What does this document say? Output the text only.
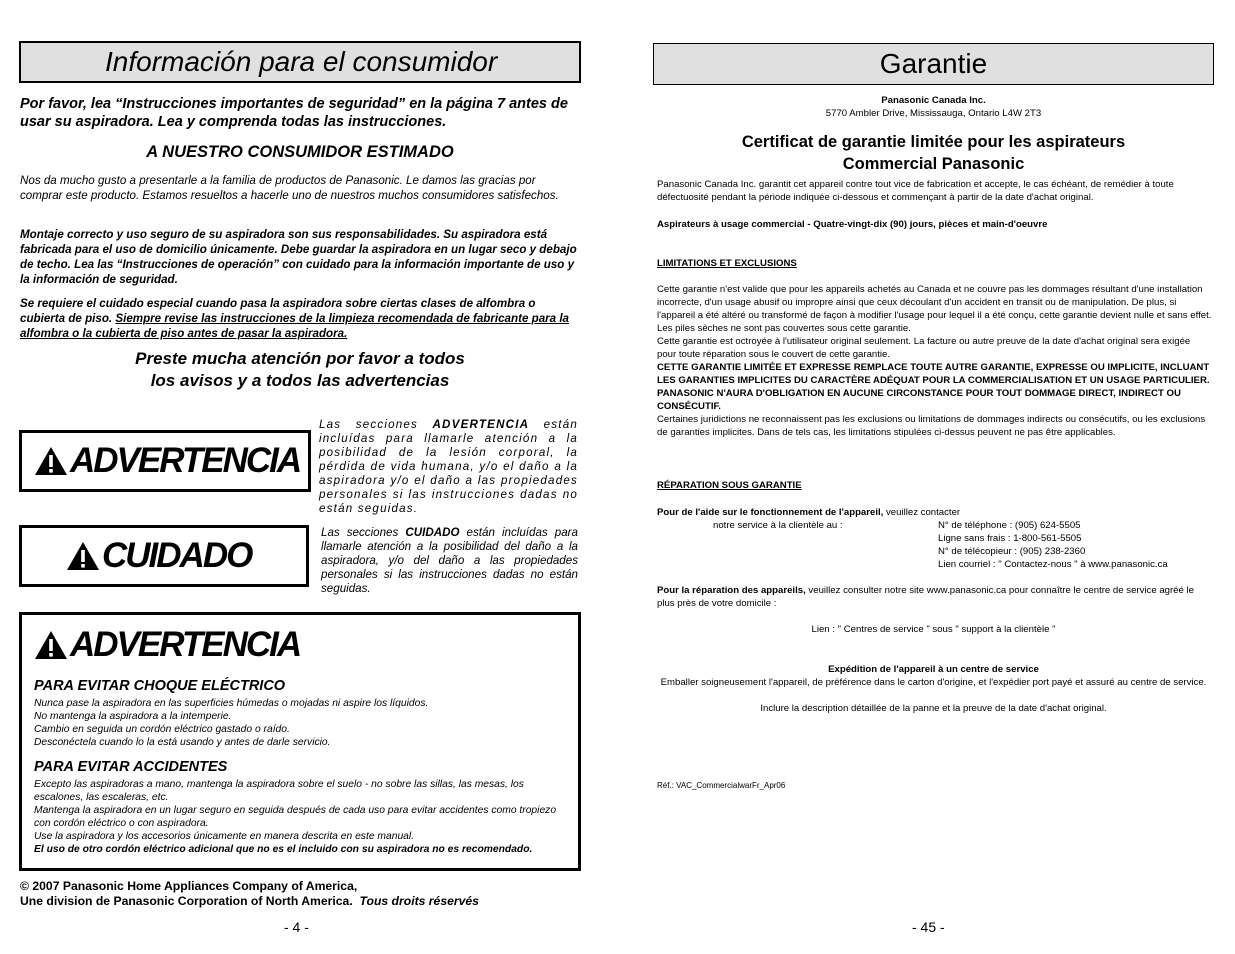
Información para el consumidor
Por favor, lea “Instrucciones importantes de seguridad” en la página 7 antes de usar su aspiradora. Lea y comprenda todas las instrucciones.
A NUESTRO CONSUMIDOR ESTIMADO
Nos da mucho gusto a presentarle a la familia de productos de Panasonic. Le damos las gracias por comprar este producto. Estamos resueltos a hacerle uno de nuestros muchos consumidores satisfechos.
Montaje correcto y uso seguro de su aspiradora son sus responsabilidades. Su aspiradora está fabricada para el uso de domicilio únicamente. Debe guardar la aspiradora en un lugar seco y debajo de techo. Lea las “Instrucciones de operación” con cuidado para la información importante de uso y la información de seguridad.
Se requiere el cuidado especial cuando pasa la aspiradora sobre ciertas clases de alfombra o cubierta de piso. Siempre revise las instrucciones de la limpieza recomendada de fabricante para la alfombra o la cubierta de piso antes de pasar la aspiradora.
Preste mucha atención por favor a todos
los avisos y a todos las advertencias
ADVERTENCIA
Las secciones ADVERTENCIA están incluídas para llamarle atención a la posibilidad de la lesión corporal, la pérdida de vida humana, y/o el daño a la aspiradora y/o el daño a las propiedades personales si las instrucciones dadas no están seguidas.
CUIDADO
Las secciones CUIDADO están incluídas para llamarle atención a la posibilidad del daño a la aspiradora, y/o del daño a las propiedades personales si las instrucciones dadas no están seguidas.
ADVERTENCIA
PARA EVITAR CHOQUE ELÉCTRICO
Nunca pase la aspiradora en las superficies húmedas o mojadas ni aspire los líquidos.
No mantenga la aspiradora a la intemperie.
Cambio en seguida un cordón eléctrico gastado o raído.
Desconéctela cuando lo la está usando y antes de darle servicio.
PARA EVITAR ACCIDENTES
Excepto las aspiradoras a mano, mantenga la aspiradora sobre el suelo - no sobre las sillas, las mesas, los escalones, las escaleras, etc.
Mantenga la aspiradora en un lugar seguro en seguida después de cada uso para evitar accidentes como tropiezo con cordón eléctrico o con aspiradora.
Use la aspiradora y los accesorios únicamente en manera descrita en este manual.
El uso de otro cordón eléctrico adicional que no es el incluido con su aspiradora no es recomendado.
© 2007 Panasonic Home Appliances Company of America,
Une division de Panasonic Corporation of North America. Tous droits réservés
- 4 -
Garantie
Panasonic Canada Inc.
5770 Ambler Drive, Mississauga, Ontario L4W 2T3
Certificat de garantie limitée pour les aspirateurs
Commercial Panasonic
Panasonic Canada Inc. garantit cet appareil contre tout vice de fabrication et accepte, le cas échéant, de remédier à toute défectuosité pendant la période indiquée ci-dessous et commençant à partir de la date d'achat original.
Aspirateurs à usage commercial - Quatre-vingt-dix (90) jours, pièces et main-d'oeuvre
LIMITATIONS ET EXCLUSIONS
Cette garantie n'est valide que pour les appareils achetés au Canada et ne couvre pas les dommages résultant d'une installation incorrecte, d'un usage abusif ou impropre ainsi que ceux découlant d'un accident en transit ou de manipulation. De plus, si l'appareil a été altéré ou transformé de façon à modifier l'usage pour lequel il a été conçu, cette garantie devient nulle et sans effet. Les piles sèches ne sont pas couvertes sous cette garantie.
Cette garantie est octroyée à l'utilisateur original seulement. La facture ou autre preuve de la date d'achat original sera exigée pour toute réparation sous le couvert de cette garantie.
CETTE GARANTIE LIMITÉE ET EXPRESSE REMPLACE TOUTE AUTRE GARANTIE, EXPRESSE OU IMPLICITE, INCLUANT LES GARANTIES IMPLICITES DU CARACTÈRE ADÉQUAT POUR LA COMMERCIALISATION ET UN USAGE PARTICULIER.
PANASONIC N'AURA D'OBLIGATION EN AUCUNE CIRCONSTANCE POUR TOUT DOMMAGE DIRECT, INDIRECT OU CONSÉCUTIF.
Certaines juridictions ne reconnaissent pas les exclusions ou limitations de dommages indirects ou consécutifs, ou les exclusions de garanties implicites. Dans de tels cas, les limitations stipulées ci-dessus peuvent ne pas être applicables.
RÉPARATION SOUS GARANTIE
Pour de l'aide sur le fonctionnement de l'appareil, veuillez contacter
notre service à la clientèle au :	N° de téléphone : (905) 624-5505
Ligne sans frais : 1-800-561-5505
N° de télécopieur : (905) 238-2360
Lien courriel : " Contactez-nous " à www.panasonic.ca
Pour la réparation des appareils, veuillez consulter notre site www.panasonic.ca pour connaître le centre de service agréé le plus près de votre domicile :
Lien : " Centres de service " sous " support à la clientèle "
Expédition de l'appareil à un centre de service
Emballer soigneusement l'appareil, de préférence dans le carton d'origine, et l'expédier port payé et assuré au centre de service.
Inclure la description détaillée de la panne et la preuve de la date d'achat original.
Réf.: VAC_CommercialwarFr_Apr06
- 45 -
